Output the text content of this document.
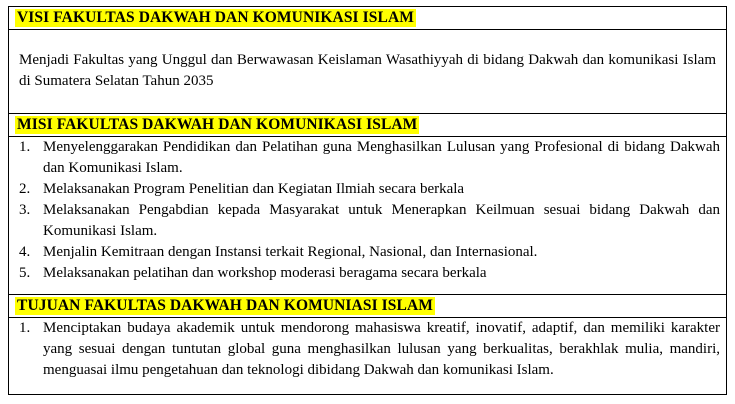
VISI FAKULTAS DAKWAH DAN KOMUNIKASI ISLAM
Menjadi Fakultas yang Unggul dan Berwawasan Keislaman Wasathiyyah di bidang Dakwah dan komunikasi Islam di Sumatera Selatan Tahun 2035
MISI FAKULTAS DAKWAH DAN KOMUNIKASI ISLAM
1. Menyelenggarakan Pendidikan dan Pelatihan guna Menghasilkan Lulusan yang Profesional di bidang Dakwah dan Komunikasi Islam.
2. Melaksanakan Program Penelitian dan Kegiatan Ilmiah secara berkala
3. Melaksanakan Pengabdian kepada Masyarakat untuk Menerapkan Keilmuan sesuai bidang Dakwah dan Komunikasi Islam.
4. Menjalin Kemitraan dengan Instansi terkait Regional, Nasional, dan Internasional.
5. Melaksanakan pelatihan dan workshop moderasi beragama secara berkala
TUJUAN FAKULTAS DAKWAH DAN KOMUNIASI ISLAM
1. Menciptakan budaya akademik untuk mendorong mahasiswa kreatif, inovatif, adaptif, dan memiliki karakter yang sesuai dengan tuntutan global guna menghasilkan lulusan yang berkualitas, berakhlak mulia, mandiri, menguasai ilmu pengetahuan dan teknologi dibidang Dakwah dan komunikasi Islam.
